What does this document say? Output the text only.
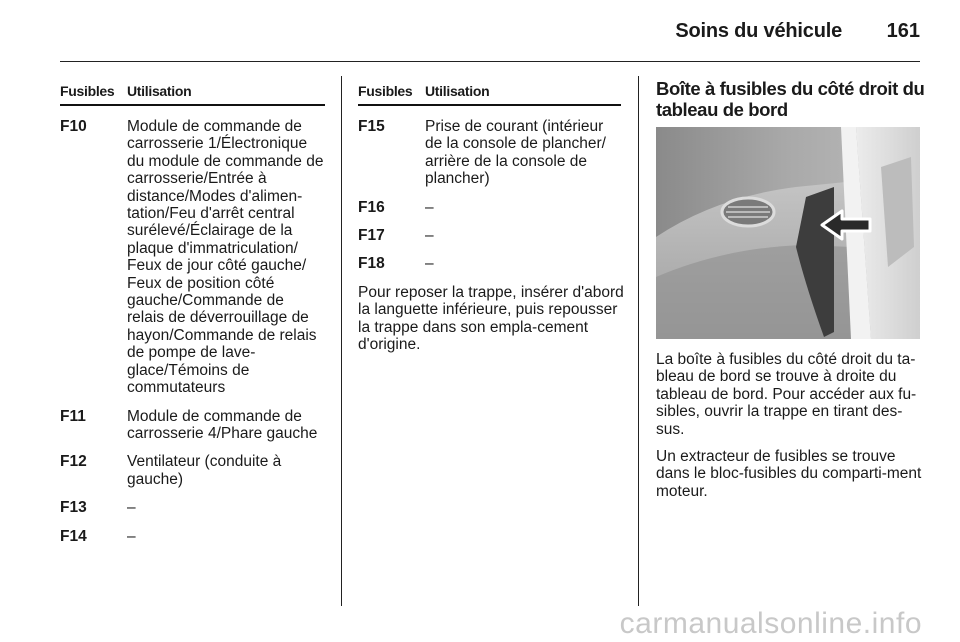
Soins du véhicule 161
Fusibles Utilisation
F10	Module de commande de carrosserie 1/Électronique du module de commande de carrosserie/Entrée à distance/Modes d'alimen-tation/Feu d'arrêt central surélevé/Éclairage de la plaque d'immatriculation/ Feux de jour côté gauche/ Feux de position côté gauche/Commande de relais de déverrouillage de hayon/Commande de relais de pompe de lave-glace/Témoins de commutateurs
F11	Module de commande de carrosserie 4/Phare gauche
F12	Ventilateur (conduite à gauche)
F13	–
F14	–
Fusibles Utilisation
F15	Prise de courant (intérieur de la console de plancher/ arrière de la console de plancher)
F16	–
F17	–
F18	–
Pour reposer la trappe, insérer d'abord la languette inférieure, puis repousser la trappe dans son empla-cement d'origine.
Boîte à fusibles du côté droit du tableau de bord
La boîte à fusibles du côté droit du ta-bleau de bord se trouve à droite du tableau de bord. Pour accéder aux fu-sibles, ouvrir la trappe en tirant des-sus.
Un extracteur de fusibles se trouve dans le bloc-fusibles du comparti-ment moteur.
carmanualsonline.info
